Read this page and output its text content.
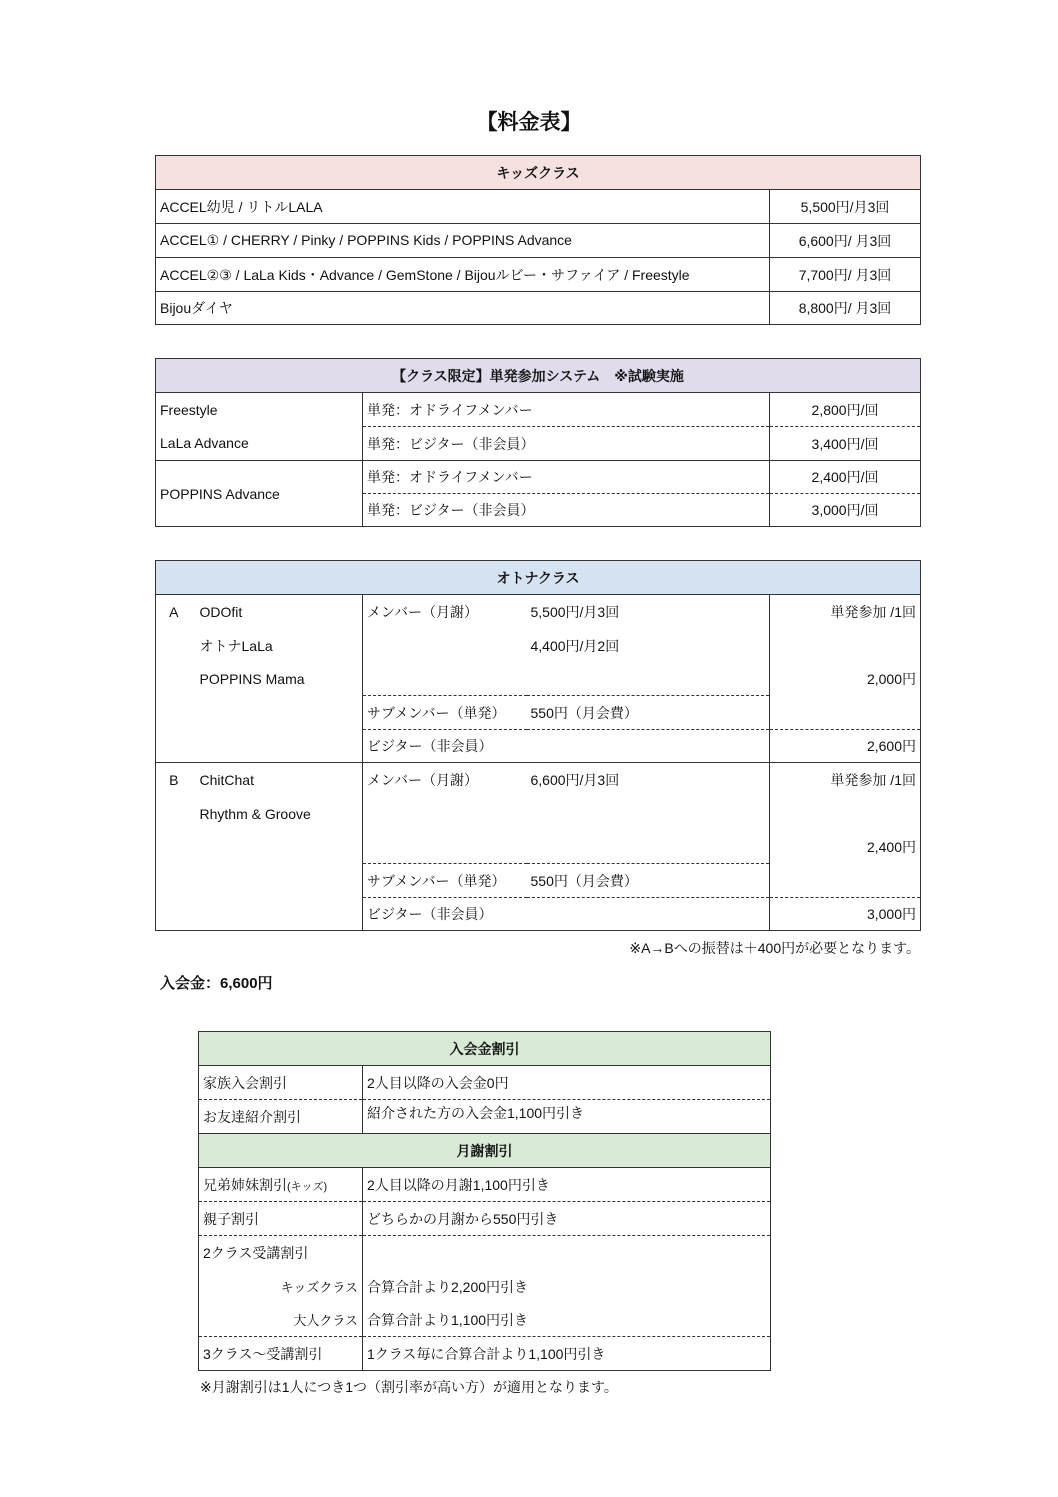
【料金表】
キッズクラス	
ACCEL幼児 / リトルLALA	5,500円/月3回
ACCEL① / CHERRY / Pinky / POPPINS Kids / POPPINS Advance	6,600円/ 月3回
ACCEL②③ / LaLa Kids・Advance / GemStone / Bijouルビー・サファイア / Freestyle	7,700円/ 月3回
Bijouダイヤ	8,800円/ 月3回
【クラス限定】単発参加システム　※試験実施		
Freestyle	単発：オドライフメンバー	2,800円/回
LaLa Advance	単発：ビジター（非会員）	3,400円/回
POPPINS Advance	単発：オドライフメンバー	2,400円/回
	単発：ビジター（非会員）	3,000円/回
オトナクラス				
A	ODOfit	メンバー（月謝）	5,500円/月3回	単発参加 /1回
	オトナLaLa		4,400円/月2回	
	POPPINS Mama			2,000円
		サブメンバー（単発）	550円（月会費）	
		ビジター（非会員）		2,600円
B	ChitChat	メンバー（月謝）	6,600円/月3回	単発参加 /1回
	Rhythm & Groove			
				2,400円
		サブメンバー（単発）	550円（月会費）	
		ビジター（非会員）		3,000円
※A→Bへの振替は＋400円が必要となります。
入会金：6,600円
入会金割引	
家族入会割引	2人目以降の入会金0円
お友達紹介割引	紹介された方の入会金1,100円引き
月謝割引	
兄弟姉妹割引(キッズ)	2人目以降の月謝1,100円引き
親子割引	どちらかの月謝から550円引き
2クラス受講割引	
キッズクラス	合算合計より2,200円引き
大人クラス	合算合計より1,100円引き
3クラス～受講割引	1クラス毎に合算合計より1,100円引き
※月謝割引は1人につき1つ（割引率が高い方）が適用となります。
